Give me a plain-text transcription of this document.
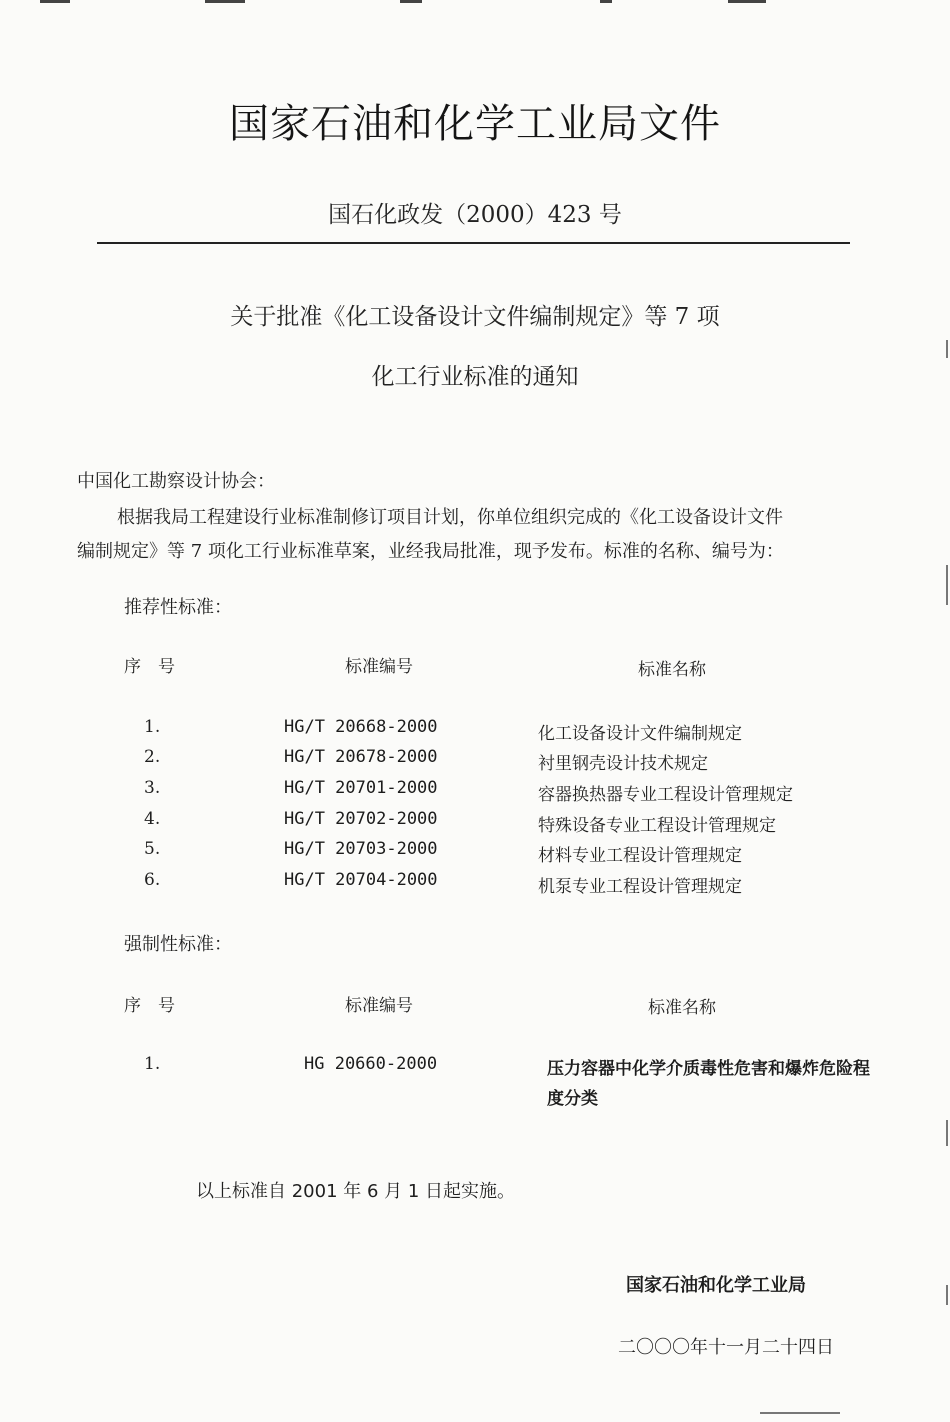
国家石油和化学工业局文件
国石化政发（2000）423 号
关于批准《化工设备设计文件编制规定》等 7 项
化工行业标准的通知
中国化工勘察设计协会：
根据我局工程建设行业标准制修订项目计划，你单位组织完成的《化工设备设计文件
编制规定》等 7 项化工行业标准草案，业经我局批准，现予发布。标准的名称、编号为：
推荐性标准：
序　号	标准编号	标准名称
1.	HG/T 20668-2000	化工设备设计文件编制规定
2.	HG/T 20678-2000	衬里钢壳设计技术规定
3.	HG/T 20701-2000	容器换热器专业工程设计管理规定
4.	HG/T 20702-2000	特殊设备专业工程设计管理规定
5.	HG/T 20703-2000	材料专业工程设计管理规定
6.	HG/T 20704-2000	机泵专业工程设计管理规定
强制性标准：
序　号	标准编号	标准名称
1.	HG 20660-2000	压力容器中化学介质毒性危害和爆炸危险程度分类
以上标准自 2001 年 6 月 1 日起实施。
国家石油和化学工业局
二〇〇〇年十一月二十四日
